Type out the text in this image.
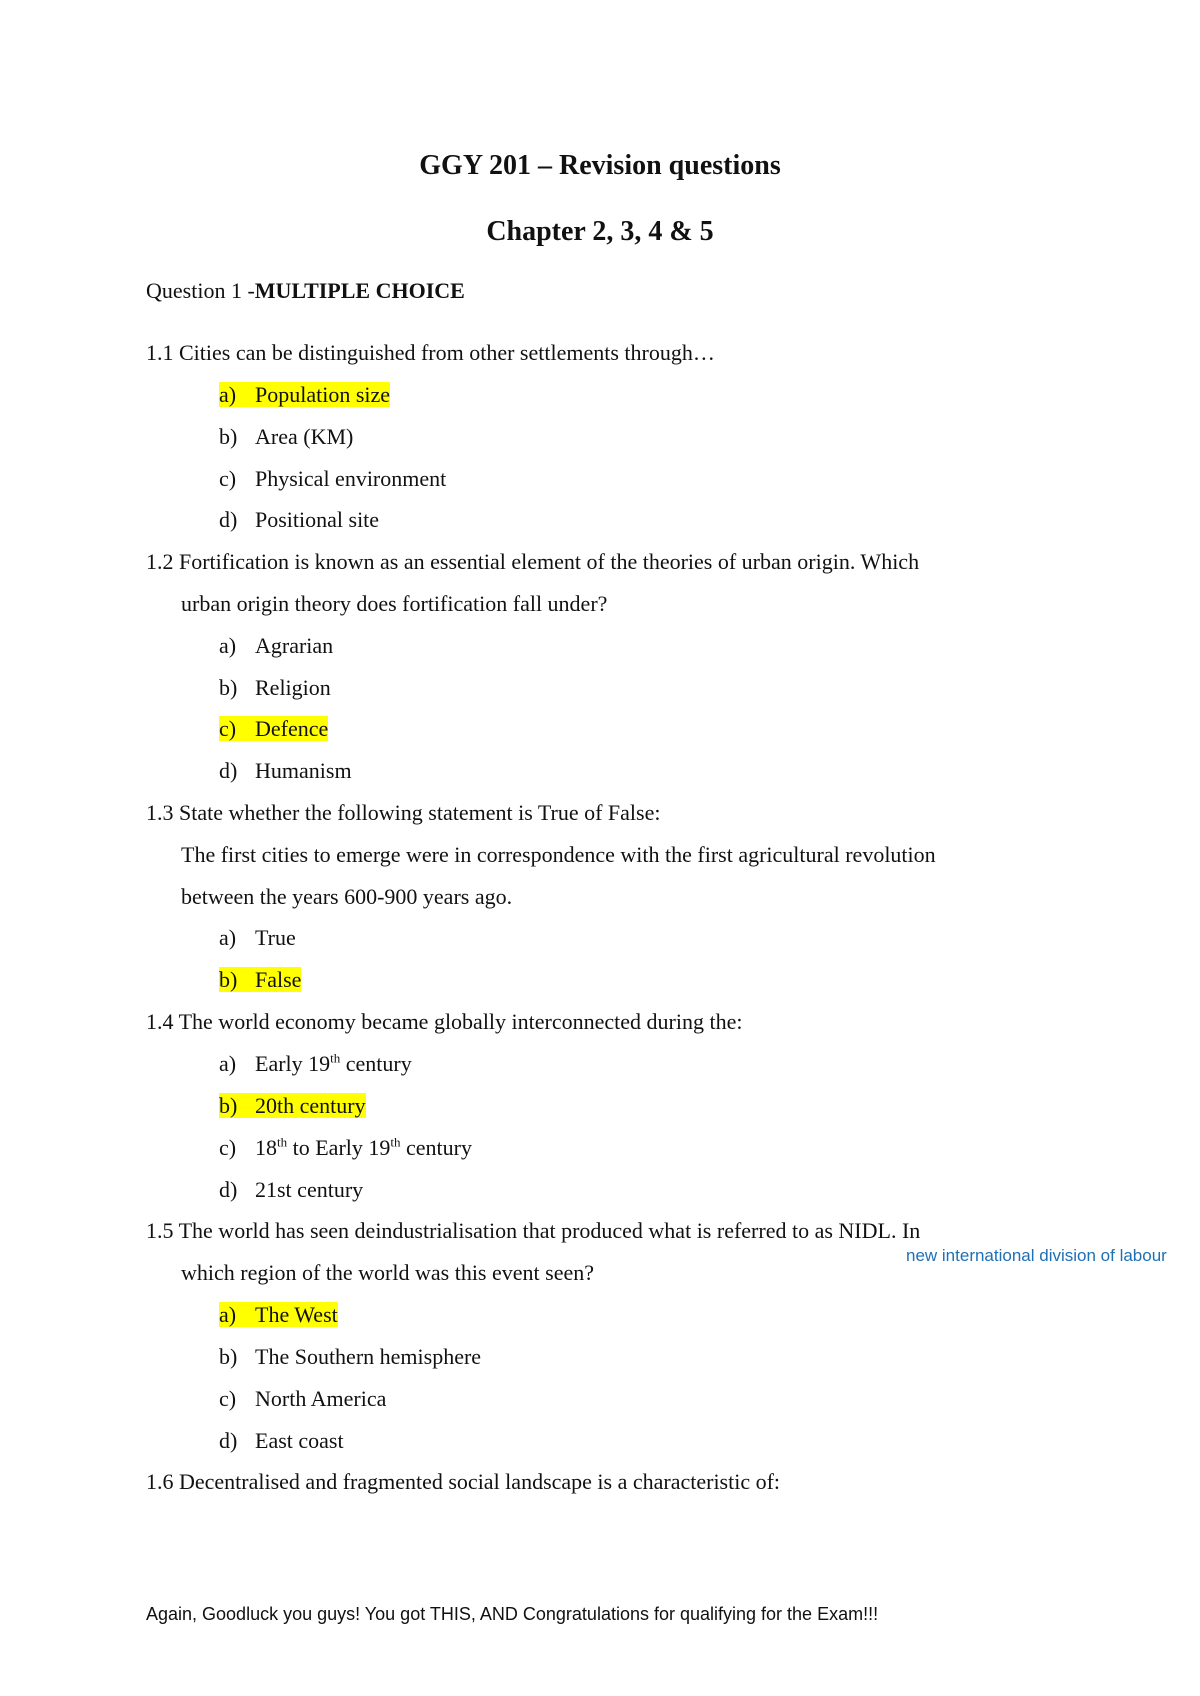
GGY 201 – Revision questions
Chapter 2, 3, 4 & 5
Question 1 -MULTIPLE CHOICE
1.1 Cities can be distinguished from other settlements through…
a) Population size
b) Area (KM)
c) Physical environment
d) Positional site
1.2 Fortification is known as an essential element of the theories of urban origin. Which
urban origin theory does fortification fall under?
a) Agrarian
b) Religion
c) Defence
d) Humanism
1.3 State whether the following statement is True of False:
The first cities to emerge were in correspondence with the first agricultural revolution
between the years 600-900 years ago.
a) True
b) False
1.4 The world economy became globally interconnected during the:
a) Early 19th century
b) 20th century
c) 18th to Early 19th century
d) 21st century
1.5 The world has seen deindustrialisation that produced what is referred to as NIDL. In
new international division of labour
which region of the world was this event seen?
a) The West
b) The Southern hemisphere
c) North America
d) East coast
1.6 Decentralised and fragmented social landscape is a characteristic of:
Again, Goodluck you guys! You got THIS, AND Congratulations for qualifying for the Exam!!!
